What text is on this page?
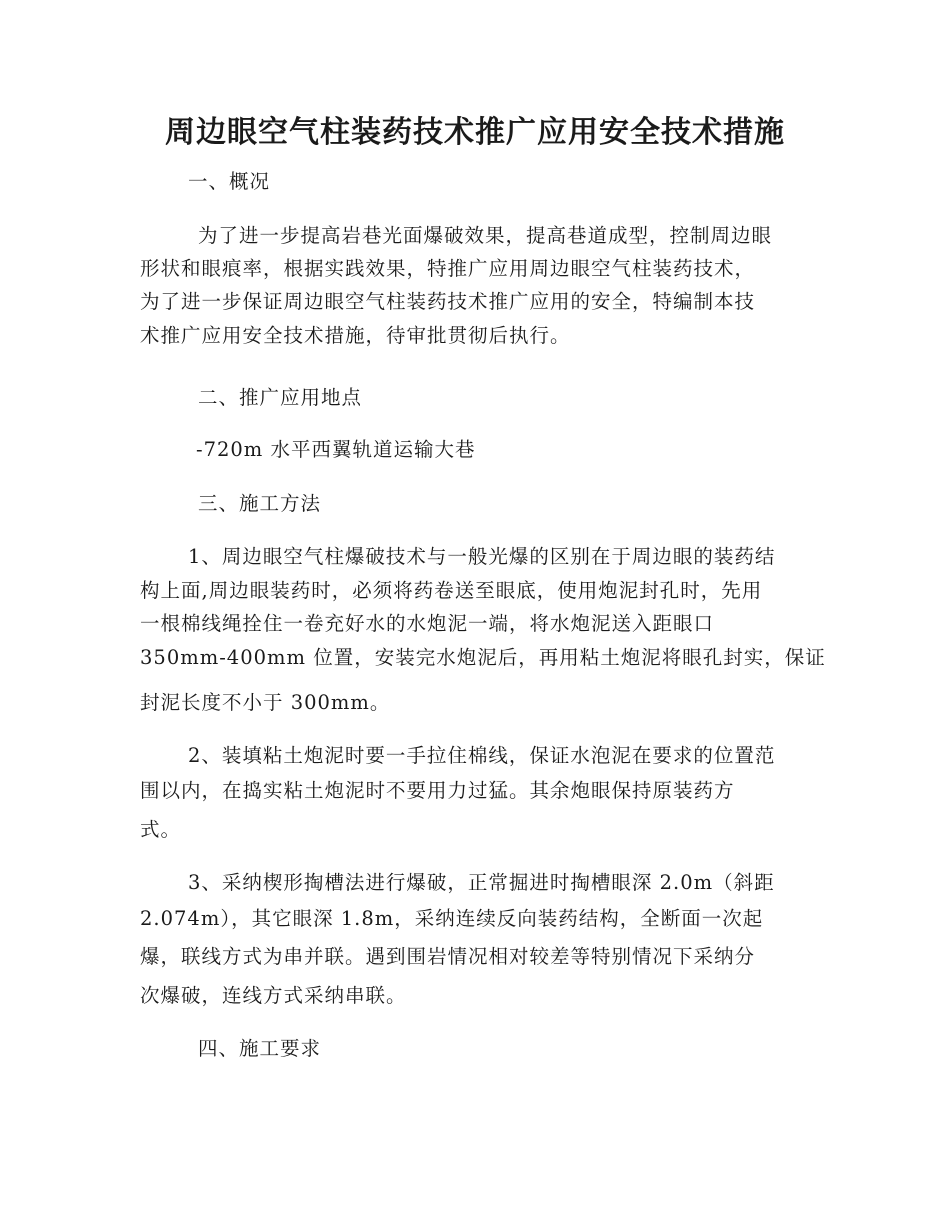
周边眼空气柱装药技术推广应用安全技术措施
一、概况
为了进一步提高岩巷光面爆破效果，提高巷道成型，控制周边眼
形状和眼痕率，根据实践效果，特推广应用周边眼空气柱装药技术，
为了进一步保证周边眼空气柱装药技术推广应用的安全，特编制本技
术推广应用安全技术措施，待审批贯彻后执行。
二、推广应用地点
-720m 水平西翼轨道运输大巷
三、施工方法
1、周边眼空气柱爆破技术与一般光爆的区别在于周边眼的装药结
构上面,周边眼装药时，必须将药卷送至眼底，使用炮泥封孔时，先用
一根棉线绳拴住一卷充好水的水炮泥一端，将水炮泥送入距眼口
350mm-400mm 位置，安装完水炮泥后，再用粘土炮泥将眼孔封实，保证
封泥长度不小于 300mm。
2、装填粘土炮泥时要一手拉住棉线，保证水泡泥在要求的位置范
围以内，在捣实粘土炮泥时不要用力过猛。其余炮眼保持原装药方
式。
3、采纳楔形掏槽法进行爆破，正常掘进时掏槽眼深 2.0m（斜距
2.074m），其它眼深 1.8m，采纳连续反向装药结构，全断面一次起
爆，联线方式为串并联。遇到围岩情况相对较差等特别情况下采纳分
次爆破，连线方式采纳串联。
四、施工要求
